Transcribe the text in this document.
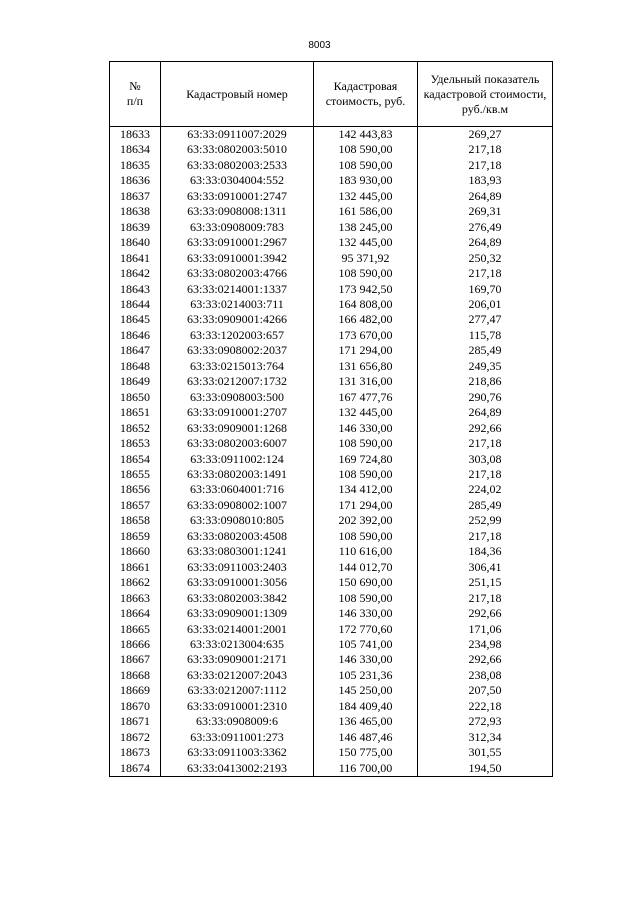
8003
№
п/п	Кадастровый номер	Кадастровая стоимость, руб.	Удельный показатель кадастровой стоимости, руб./кв.м
18633	63:33:0911007:2029	142 443,83	269,27
18634	63:33:0802003:5010	108 590,00	217,18
18635	63:33:0802003:2533	108 590,00	217,18
18636	63:33:0304004:552	183 930,00	183,93
18637	63:33:0910001:2747	132 445,00	264,89
18638	63:33:0908008:1311	161 586,00	269,31
18639	63:33:0908009:783	138 245,00	276,49
18640	63:33:0910001:2967	132 445,00	264,89
18641	63:33:0910001:3942	95 371,92	250,32
18642	63:33:0802003:4766	108 590,00	217,18
18643	63:33:0214001:1337	173 942,50	169,70
18644	63:33:0214003:711	164 808,00	206,01
18645	63:33:0909001:4266	166 482,00	277,47
18646	63:33:1202003:657	173 670,00	115,78
18647	63:33:0908002:2037	171 294,00	285,49
18648	63:33:0215013:764	131 656,80	249,35
18649	63:33:0212007:1732	131 316,00	218,86
18650	63:33:0908003:500	167 477,76	290,76
18651	63:33:0910001:2707	132 445,00	264,89
18652	63:33:0909001:1268	146 330,00	292,66
18653	63:33:0802003:6007	108 590,00	217,18
18654	63:33:0911002:124	169 724,80	303,08
18655	63:33:0802003:1491	108 590,00	217,18
18656	63:33:0604001:716	134 412,00	224,02
18657	63:33:0908002:1007	171 294,00	285,49
18658	63:33:0908010:805	202 392,00	252,99
18659	63:33:0802003:4508	108 590,00	217,18
18660	63:33:0803001:1241	110 616,00	184,36
18661	63:33:0911003:2403	144 012,70	306,41
18662	63:33:0910001:3056	150 690,00	251,15
18663	63:33:0802003:3842	108 590,00	217,18
18664	63:33:0909001:1309	146 330,00	292,66
18665	63:33:0214001:2001	172 770,60	171,06
18666	63:33:0213004:635	105 741,00	234,98
18667	63:33:0909001:2171	146 330,00	292,66
18668	63:33:0212007:2043	105 231,36	238,08
18669	63:33:0212007:1112	145 250,00	207,50
18670	63:33:0910001:2310	184 409,40	222,18
18671	63:33:0908009:6	136 465,00	272,93
18672	63:33:0911001:273	146 487,46	312,34
18673	63:33:0911003:3362	150 775,00	301,55
18674	63:33:0413002:2193	116 700,00	194,50
